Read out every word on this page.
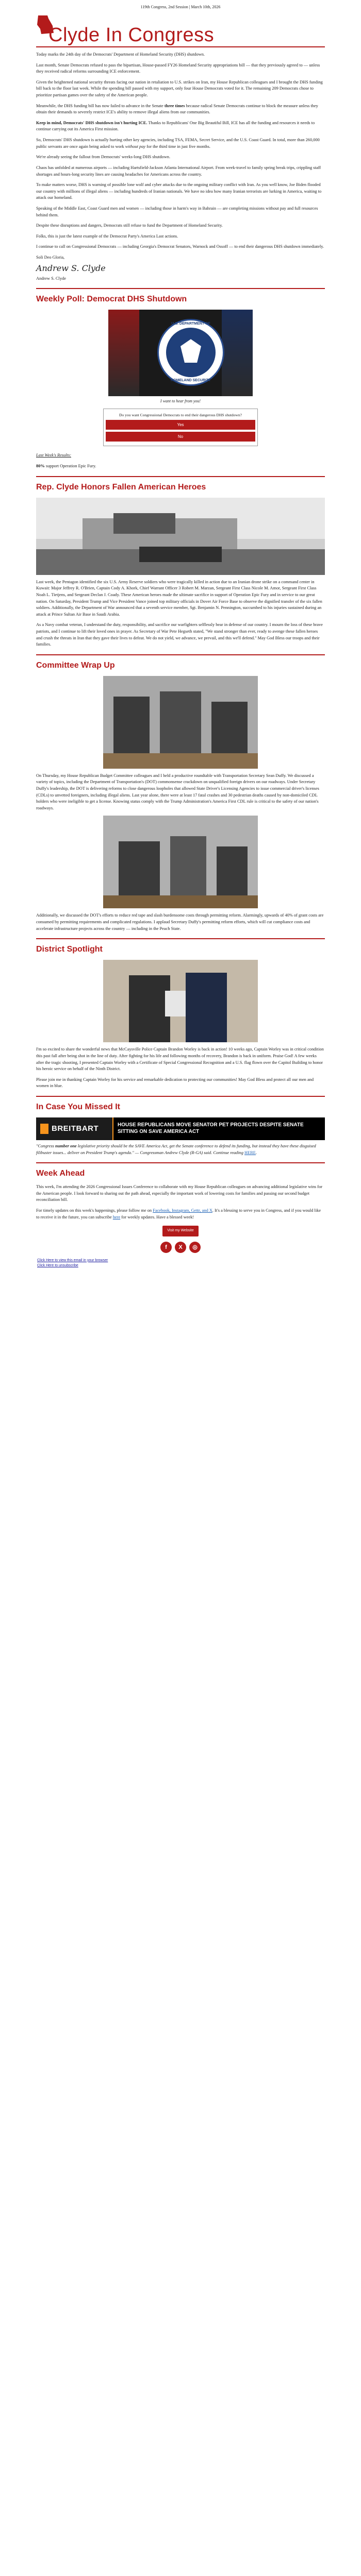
119th Congress, 2nd Session | March 10th, 2026
Clyde In Congress

Today marks the 24th day of the Democrats' Department of Homeland Security (DHS) shutdown.

Last month, Senate Democrats refused to pass the bipartisan, House-passed FY26 Homeland Security appropriations bill — that they previously agreed to — unless they received radical reforms surrounding ICE enforcement.

Given the heightened national security threats facing our nation in retaliation to U.S. strikes on Iran, my House Republican colleagues and I brought the DHS funding bill back to the floor last week. While the spending bill passed with my support, only four House Democrats voted for it. The remaining 209 Democrats chose to prioritize partisan games over the safety of the American people.

Meanwhile, the DHS funding bill has now failed to advance in the Senate three times because radical Senate Democrats continue to block the measure unless they obtain their demands to severely restrict ICE's ability to remove illegal aliens from our communities.

Keep in mind, Democrats' DHS shutdown isn't hurting ICE. Thanks to Republicans' One Big Beautiful Bill, ICE has all the funding and resources it needs to continue carrying out its America First mission.

So, Democrats' DHS shutdown is actually hurting other key agencies, including TSA, FEMA, Secret Service, and the U.S. Coast Guard. In total, more than 260,000 public servants are once again being asked to work without pay for the third time in just five months.

We're already seeing the fallout from Democrats' weeks-long DHS shutdown.

Chaos has unfolded at numerous airports — including Hartsfield-Jackson Atlanta International Airport. From week-travel to family spring break trips, crippling staff shortages and hours-long security lines are causing headaches for Americans across the country.

To make matters worse, DHS is warning of possible lone wolf and cyber attacks due to the ongoing military conflict with Iran. As you well know, Joe Biden flooded our country with millions of illegal aliens — including hundreds of Iranian nationals. We have no idea how many Iranian terrorists are lurking in America, waiting to attack our homeland.

Speaking of the Middle East, Coast Guard men and women — including those in harm's way in Bahrain — are completing missions without pay and full resources behind them.

Despite these disruptions and dangers, Democrats still refuse to fund the Department of Homeland Security.

Folks, this is just the latest example of the Democrat Party's America Last actions.

I continue to call on Congressional Democrats — including Georgia's Democrat Senators, Warnock and Ossoff — to end their dangerous DHS shutdown immediately.

Soli Deo Gloria,
Andrew S. Clyde
Andrew S. Clyde
Weekly Poll: Democrat DHS Shutdown
U.S. DEPARTMENT OF
HOMELAND SECURITY
I want to hear from you!
Do you want Congressional Democrats to end their dangerous DHS shutdown?
Yes
No

Last Week's Results:

80% support Operation Epic Fury.

Rep. Clyde Honors Fallen American Heroes

Last week, the Pentagon identified the six U.S. Army Reserve soldiers who were tragically killed in action due to an Iranian drone strike on a command center in Kuwait: Major Jeffrey R. O'Brien, Captain Cody A. Khork, Chief Warrant Officer 3 Robert M. Marzan, Sergeant First Class Nicole M. Amor, Sergeant First Class Noah L. Tietjens, and Sergeant Declan J. Coady. These American heroes made the ultimate sacrifice in support of Operation Epic Fury and in service to our great nation. On Saturday, President Trump and Vice President Vance joined top military officials in Dover Air Force Base to observe the dignified transfer of the six fallen soldiers. Additionally, the Department of War announced that a seventh service member, Sgt. Benjamin N. Pennington, succumbed to his injuries sustained during an attack at Prince Sultan Air Base in Saudi Arabia.

As a Navy combat veteran, I understand the duty, responsibility, and sacrifice our warfighters selflessly bear in defense of our country. I mourn the loss of these brave patriots, and I continue to lift their loved ones in prayer. As Secretary of War Pete Hegseth stated, "We stand stronger than ever, ready to avenge these fallen heroes and crush the threats in Iran that they gave their lives to defeat. We do not yield, we advance, we prevail, and this we'll defend." May God Bless our troops and their families.

Committee Wrap Up

On Thursday, my House Republican Budget Committee colleagues and I held a productive roundtable with Transportation Secretary Sean Duffy. We discussed a variety of topics, including the Department of Transportation's (DOT) commonsense crackdown on unqualified foreign drivers on our roadways. Under Secretary Duffy's leadership, the DOT is delivering reforms to close dangerous loopholes that allowed State Driver's Licensing Agencies to issue commercial driver's licenses (CDLs) to unvetted foreigners, including illegal aliens. Last year alone, there were at least 17 fatal crashes and 30 pedestrian deaths caused by non-domiciled CDL holders who were ineligible to get a license. Knowing status comply with the Trump Administration's America First CDL rule is critical to the safety of our nation's roadways.

Additionally, we discussed the DOT's efforts to reduce red tape and slash burdensome costs through permitting reform. Alarmingly, upwards of 40% of grant costs are consumed by permitting requirements and complicated regulations. I applaud Secretary Duffy's permitting reform efforts, which will cut compliance costs and accelerate infrastructure projects across the country — including in the Peach State.

District Spotlight

I'm so excited to share the wonderful news that McCaysville Police Captain Brandon Worley is back in action! 10 weeks ago, Captain Worley was in critical condition this past fall after being shot in the line of duty. After fighting for his life and following months of recovery, Brandon is back in uniform. Praise God! A few weeks after the tragic shooting, I presented Captain Worley with a Certificate of Special Congressional Recognition and a U.S. flag flown over the Capitol Building to honor his heroic service on behalf of the Ninth District.

Please join me in thanking Captain Worley for his service and remarkable dedication to protecting our communities! May God Bless and protect all our men and women in blue.

In Case You Missed It
BREITBART	HOUSE REPUBLICANS MOVE SENATOR PET PROJECTS DESPITE SENATE SITTING ON SAVE AMERICA ACT

"Congress number one legislative priority should be the SAVE America Act, get the Senate conference to defend its funding, but instead they have these disguised filibuster issues... deliver on President Trump's agenda." — Congressman Andrew Clyde (R-GA) said. Continue reading HERE.

Week Ahead

This week, I'm attending the 2026 Congressional Issues Conference to collaborate with my House Republican colleagues on advancing additional legislative wins for the American people. I look forward to sharing out the path ahead, especially the important work of lowering costs for families and passing our second budget reconciliation bill.

For timely updates on this week's happenings, please follow me on Facebook, Instagram, Gettr, and X. It's a blessing to serve you in Congress, and if you would like to receive it in the future, you can subscribe here for weekly updates. Have a blessed week!

Visit my Website
f X ◎
Click Here to view this email in your browser
Click Here to unsubscribe
